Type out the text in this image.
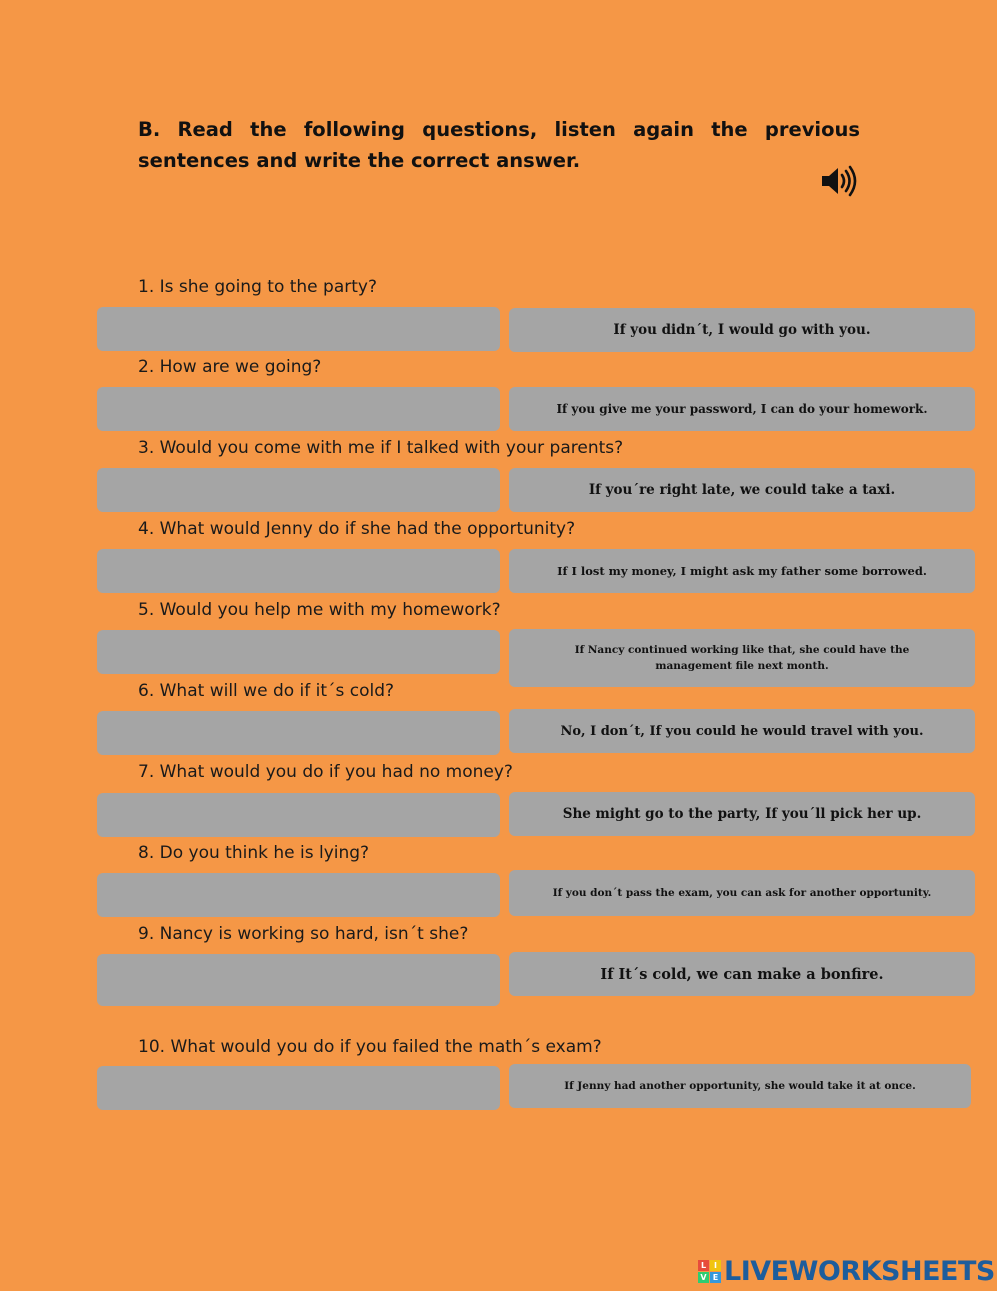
B. Read the following questions, listen again the previous sentences and write the correct answer.

1. Is she going to the party?
2. How are we going?
3. Would you come with me if I talked with your parents?
4. What would Jenny do if she had the opportunity?
5. Would you help me with my homework?
6. What will we do if it´s cold?
7. What would you do if you had no money?
8. Do you think he is lying?
9. Nancy is working so hard, isn´t she?
10. What would you do if you failed the math´s exam?
If you didn´t, I would go with you.
If you give me your password, I can do your homework.
If you´re right late, we could take a taxi.
If I lost my money, I might ask my father some borrowed.
If Nancy continued working like that, she could have the management file next month.
No, I don´t, If you could he would travel with you.
She might go to the party, If you´ll pick her up.
If you don´t pass the exam, you can ask for another opportunity.
If It´s cold, we can make a bonfire.
If Jenny had another opportunity, she would take it at once.
L I
V E LIVEWORKSHEETS
